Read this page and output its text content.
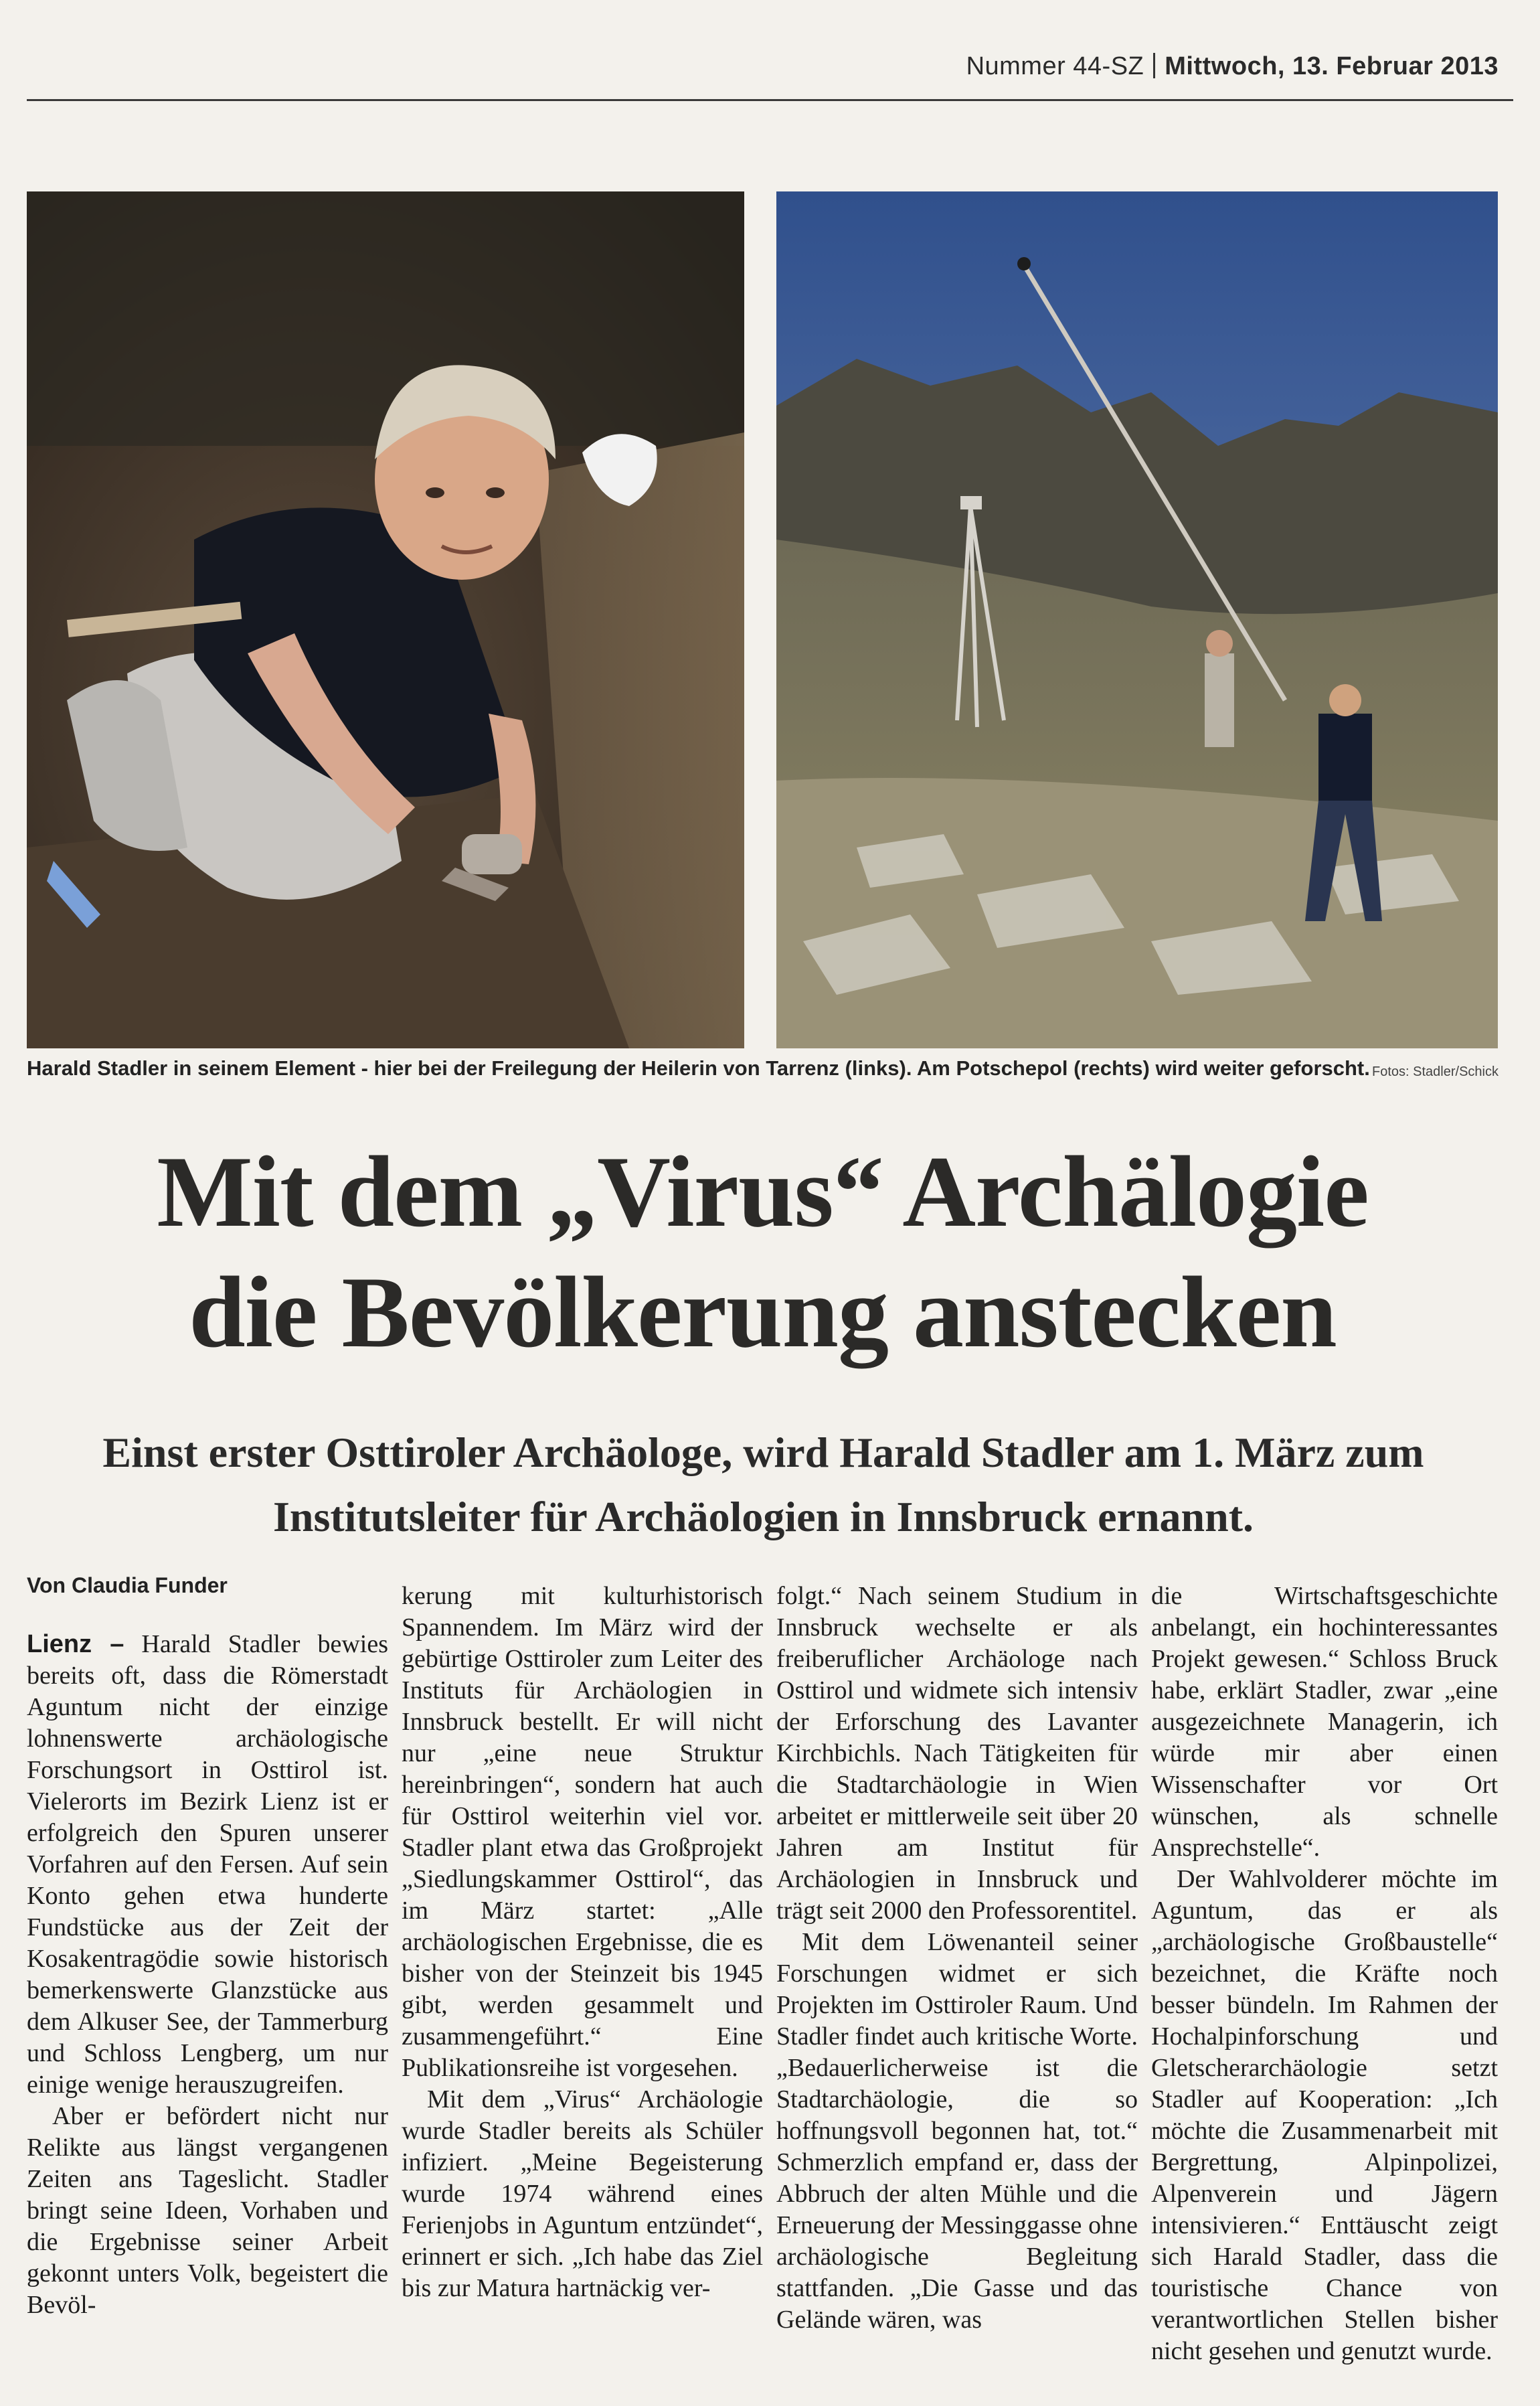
Nummer 44-SZ Mittwoch, 13. Februar 2013
Harald Stadler in seinem Element - hier bei der Freilegung der Heilerin von Tarrenz (links). Am Potschepol (rechts) wird weiter geforscht. Fotos: Stadler/Schick
Mit dem „Virus“ Archälogie
die Bevölkerung anstecken
Einst erster Osttiroler Archäologe, wird Harald Stadler am 1. März zum
Institutsleiter für Archäologien in Innsbruck ernannt.
Von Claudia Funder

Lienz – Harald Stadler bewies bereits oft, dass die Römerstadt Aguntum nicht der einzige lohnenswerte archäologische Forschungsort in Osttirol ist. Vielerorts im Bezirk Lienz ist er erfolgreich den Spuren unserer Vorfahren auf den Fersen. Auf sein Konto gehen etwa hunderte Fundstücke aus der Zeit der Kosakentragödie sowie historisch bemerkenswerte Glanzstücke aus dem Alkuser See, der Tammerburg und Schloss Lengberg, um nur einige wenige herauszugreifen.

Aber er befördert nicht nur Relikte aus längst vergangenen Zeiten ans Tageslicht. Stadler bringt seine Ideen, Vorhaben und die Ergebnisse seiner Arbeit gekonnt unters Volk, begeistert die Bevöl-

kerung mit kulturhistorisch Spannendem. Im März wird der gebürtige Osttiroler zum Leiter des Instituts für Archäologien in Innsbruck bestellt. Er will nicht nur „eine neue Struktur hereinbringen“, sondern hat auch für Osttirol weiterhin viel vor. Stadler plant etwa das Großprojekt „Siedlungskammer Osttirol“, das im März startet: „Alle archäologischen Ergebnisse, die es bisher von der Steinzeit bis 1945 gibt, werden gesammelt und zusammengeführt.“ Eine Publikationsreihe ist vorgesehen.

Mit dem „Virus“ Archäologie wurde Stadler bereits als Schüler infiziert. „Meine Begeisterung wurde 1974 während eines Ferienjobs in Aguntum entzündet“, erinnert er sich. „Ich habe das Ziel bis zur Matura hartnäckig ver-

folgt.“ Nach seinem Studium in Innsbruck wechselte er als freiberuflicher Archäologe nach Osttirol und widmete sich intensiv der Erforschung des Lavanter Kirchbichls. Nach Tätigkeiten für die Stadtarchäologie in Wien arbeitet er mittlerweile seit über 20 Jahren am Institut für Archäologien in Innsbruck und trägt seit 2000 den Professorentitel.

Mit dem Löwenanteil seiner Forschungen widmet er sich Projekten im Osttiroler Raum. Und Stadler findet auch kritische Worte. „Bedauerlicherweise ist die Stadtarchäologie, die so hoffnungsvoll begonnen hat, tot.“ Schmerzlich empfand er, dass der Abbruch der alten Mühle und die Erneuerung der Messinggasse ohne archäologische Begleitung stattfanden. „Die Gasse und das Gelände wären, was

die Wirtschaftsgeschichte anbelangt, ein hochinteressantes Projekt gewesen.“ Schloss Bruck habe, erklärt Stadler, zwar „eine ausgezeichnete Managerin, ich würde mir aber einen Wissenschafter vor Ort wünschen, als schnelle Ansprechstelle“.

Der Wahlvolderer möchte im Aguntum, das er als „archäologische Großbaustelle“ bezeichnet, die Kräfte noch besser bündeln. Im Rahmen der Hochalpinforschung und Gletscherarchäologie setzt Stadler auf Kooperation: „Ich möchte die Zusammenarbeit mit Bergrettung, Alpinpolizei, Alpenverein und Jägern intensivieren.“ Enttäuscht zeigt sich Harald Stadler, dass die touristische Chance von verantwortlichen Stellen bisher nicht gesehen und genutzt wurde.
